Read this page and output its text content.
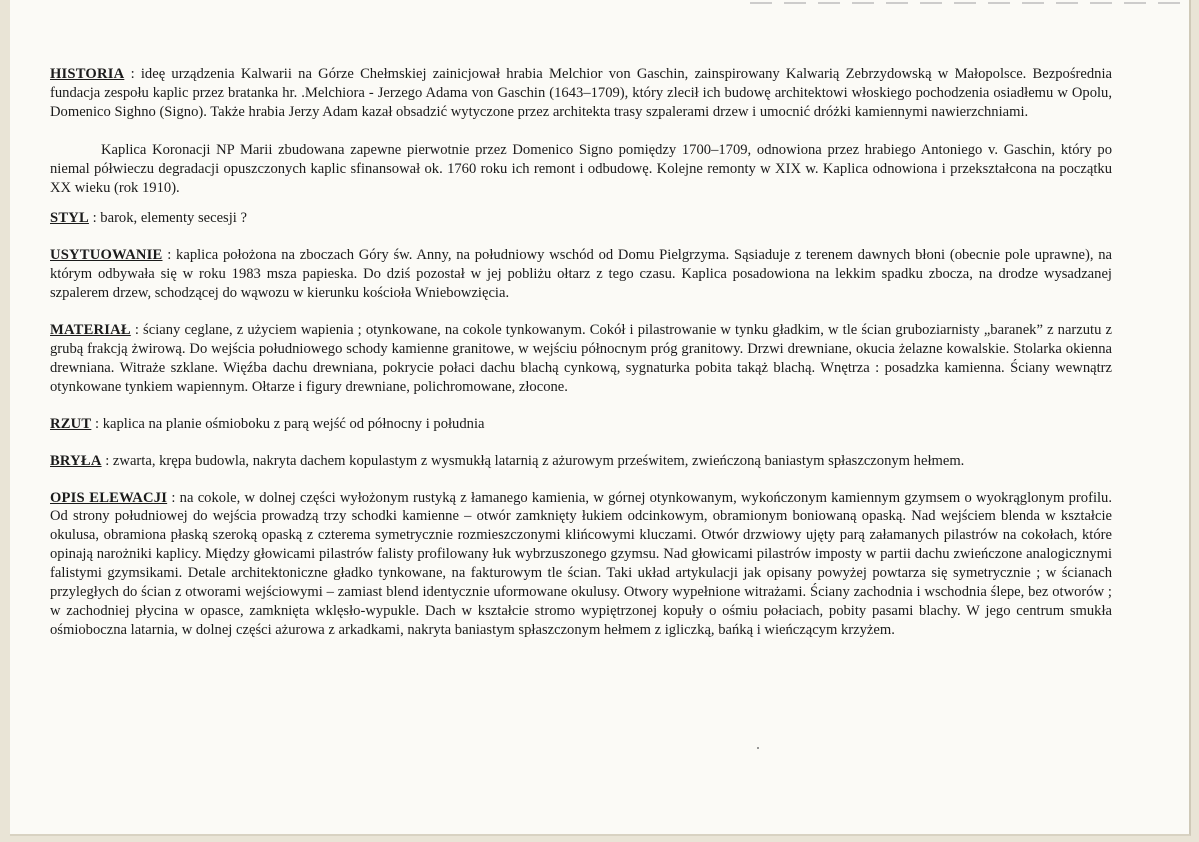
HISTORIA : ideę urządzenia Kalwarii na Górze Chełmskiej zainicjował hrabia Melchior von Gaschin, zainspirowany Kalwarią Zebrzydowską w Małopolsce. Bezpośrednia fundacja zespołu kaplic przez bratanka hr. .Melchiora - Jerzego Adama von Gaschin (1643–1709), który zlecił ich budowę architektowi włoskiego pochodzenia osiadłemu w Opolu, Domenico Sighno (Signo). Także hrabia Jerzy Adam kazał obsadzić wytyczone przez architekta trasy szpalerami drzew i umocnić dróżki kamiennymi nawierzchniami.

Kaplica Koronacji NP Marii zbudowana zapewne pierwotnie przez Domenico Signo pomiędzy 1700–1709, odnowiona przez hrabiego Antoniego v. Gaschin, który po niemal półwieczu degradacji opuszczonych kaplic sfinansował ok. 1760 roku ich remont i odbudowę. Kolejne remonty w XIX w. Kaplica odnowiona i przekształcona na początku XX wieku (rok 1910).

STYL : barok, elementy secesji ?

USYTUOWANIE : kaplica położona na zboczach Góry św. Anny, na południowy wschód od Domu Pielgrzyma. Sąsiaduje z terenem dawnych błoni (obecnie pole uprawne), na którym odbywała się w roku 1983 msza papieska. Do dziś pozostał w jej pobliżu ołtarz z tego czasu. Kaplica posadowiona na lekkim spadku zbocza, na drodze wysadzanej szpalerem drzew, schodzącej do wąwozu w kierunku kościoła Wniebowzięcia.

MATERIAŁ : ściany ceglane, z użyciem wapienia ; otynkowane, na cokole tynkowanym. Cokół i pilastrowanie w tynku gładkim, w tle ścian gruboziarnisty „baranek” z narzutu z grubą frakcją żwirową. Do wejścia południowego schody kamienne granitowe, w wejściu północnym próg granitowy. Drzwi drewniane, okucia żelazne kowalskie. Stolarka okienna drewniana. Witraże szklane. Więźba dachu drewniana, pokrycie połaci dachu blachą cynkową, sygnaturka pobita takąż blachą. Wnętrza : posadzka kamienna. Ściany wewnątrz otynkowane tynkiem wapiennym. Ołtarze i figury drewniane, polichromowane, złocone.

RZUT : kaplica na planie ośmioboku z parą wejść od północny i południa

BRYŁA : zwarta, krępa budowla, nakryta dachem kopulastym z wysmukłą latarnią z ażurowym prześwitem, zwieńczoną baniastym spłaszczonym hełmem.

OPIS ELEWACJI : na cokole, w dolnej części wyłożonym rustyką z łamanego kamienia, w górnej otynkowanym, wykończonym kamiennym gzymsem o wyokrąglonym profilu. Od strony południowej do wejścia prowadzą trzy schodki kamienne – otwór zamknięty łukiem odcinkowym, obramionym boniowaną opaską. Nad wejściem blenda w kształcie okulusa, obramiona płaską szeroką opaską z czterema symetrycznie rozmieszczonymi klińcowymi kluczami. Otwór drzwiowy ujęty parą załamanych pilastrów na cokołach, które opinają narożniki kaplicy. Między głowicami pilastrów falisty profilowany łuk wybrzuszonego gzymsu. Nad głowicami pilastrów imposty w partii dachu zwieńczone analogicznymi falistymi gzymsikami. Detale architektoniczne gładko tynkowane, na fakturowym tle ścian. Taki układ artykulacji jak opisany powyżej powtarza się symetrycznie ; w ścianach przyległych do ścian z otworami wejściowymi – zamiast blend identycznie uformowane okulusy. Otwory wypełnione witrażami. Ściany zachodnia i wschodnia ślepe, bez otworów ; w zachodniej płycina w opasce, zamknięta wklęsło-wypukle. Dach w kształcie stromo wypiętrzonej kopuły o ośmiu połaciach, pobity pasami blachy. W jego centrum smukła ośmioboczna latarnia, w dolnej części ażurowa z arkadkami, nakryta baniastym spłaszczonym hełmem z igliczką, bańką i wieńczącym krzyżem.
